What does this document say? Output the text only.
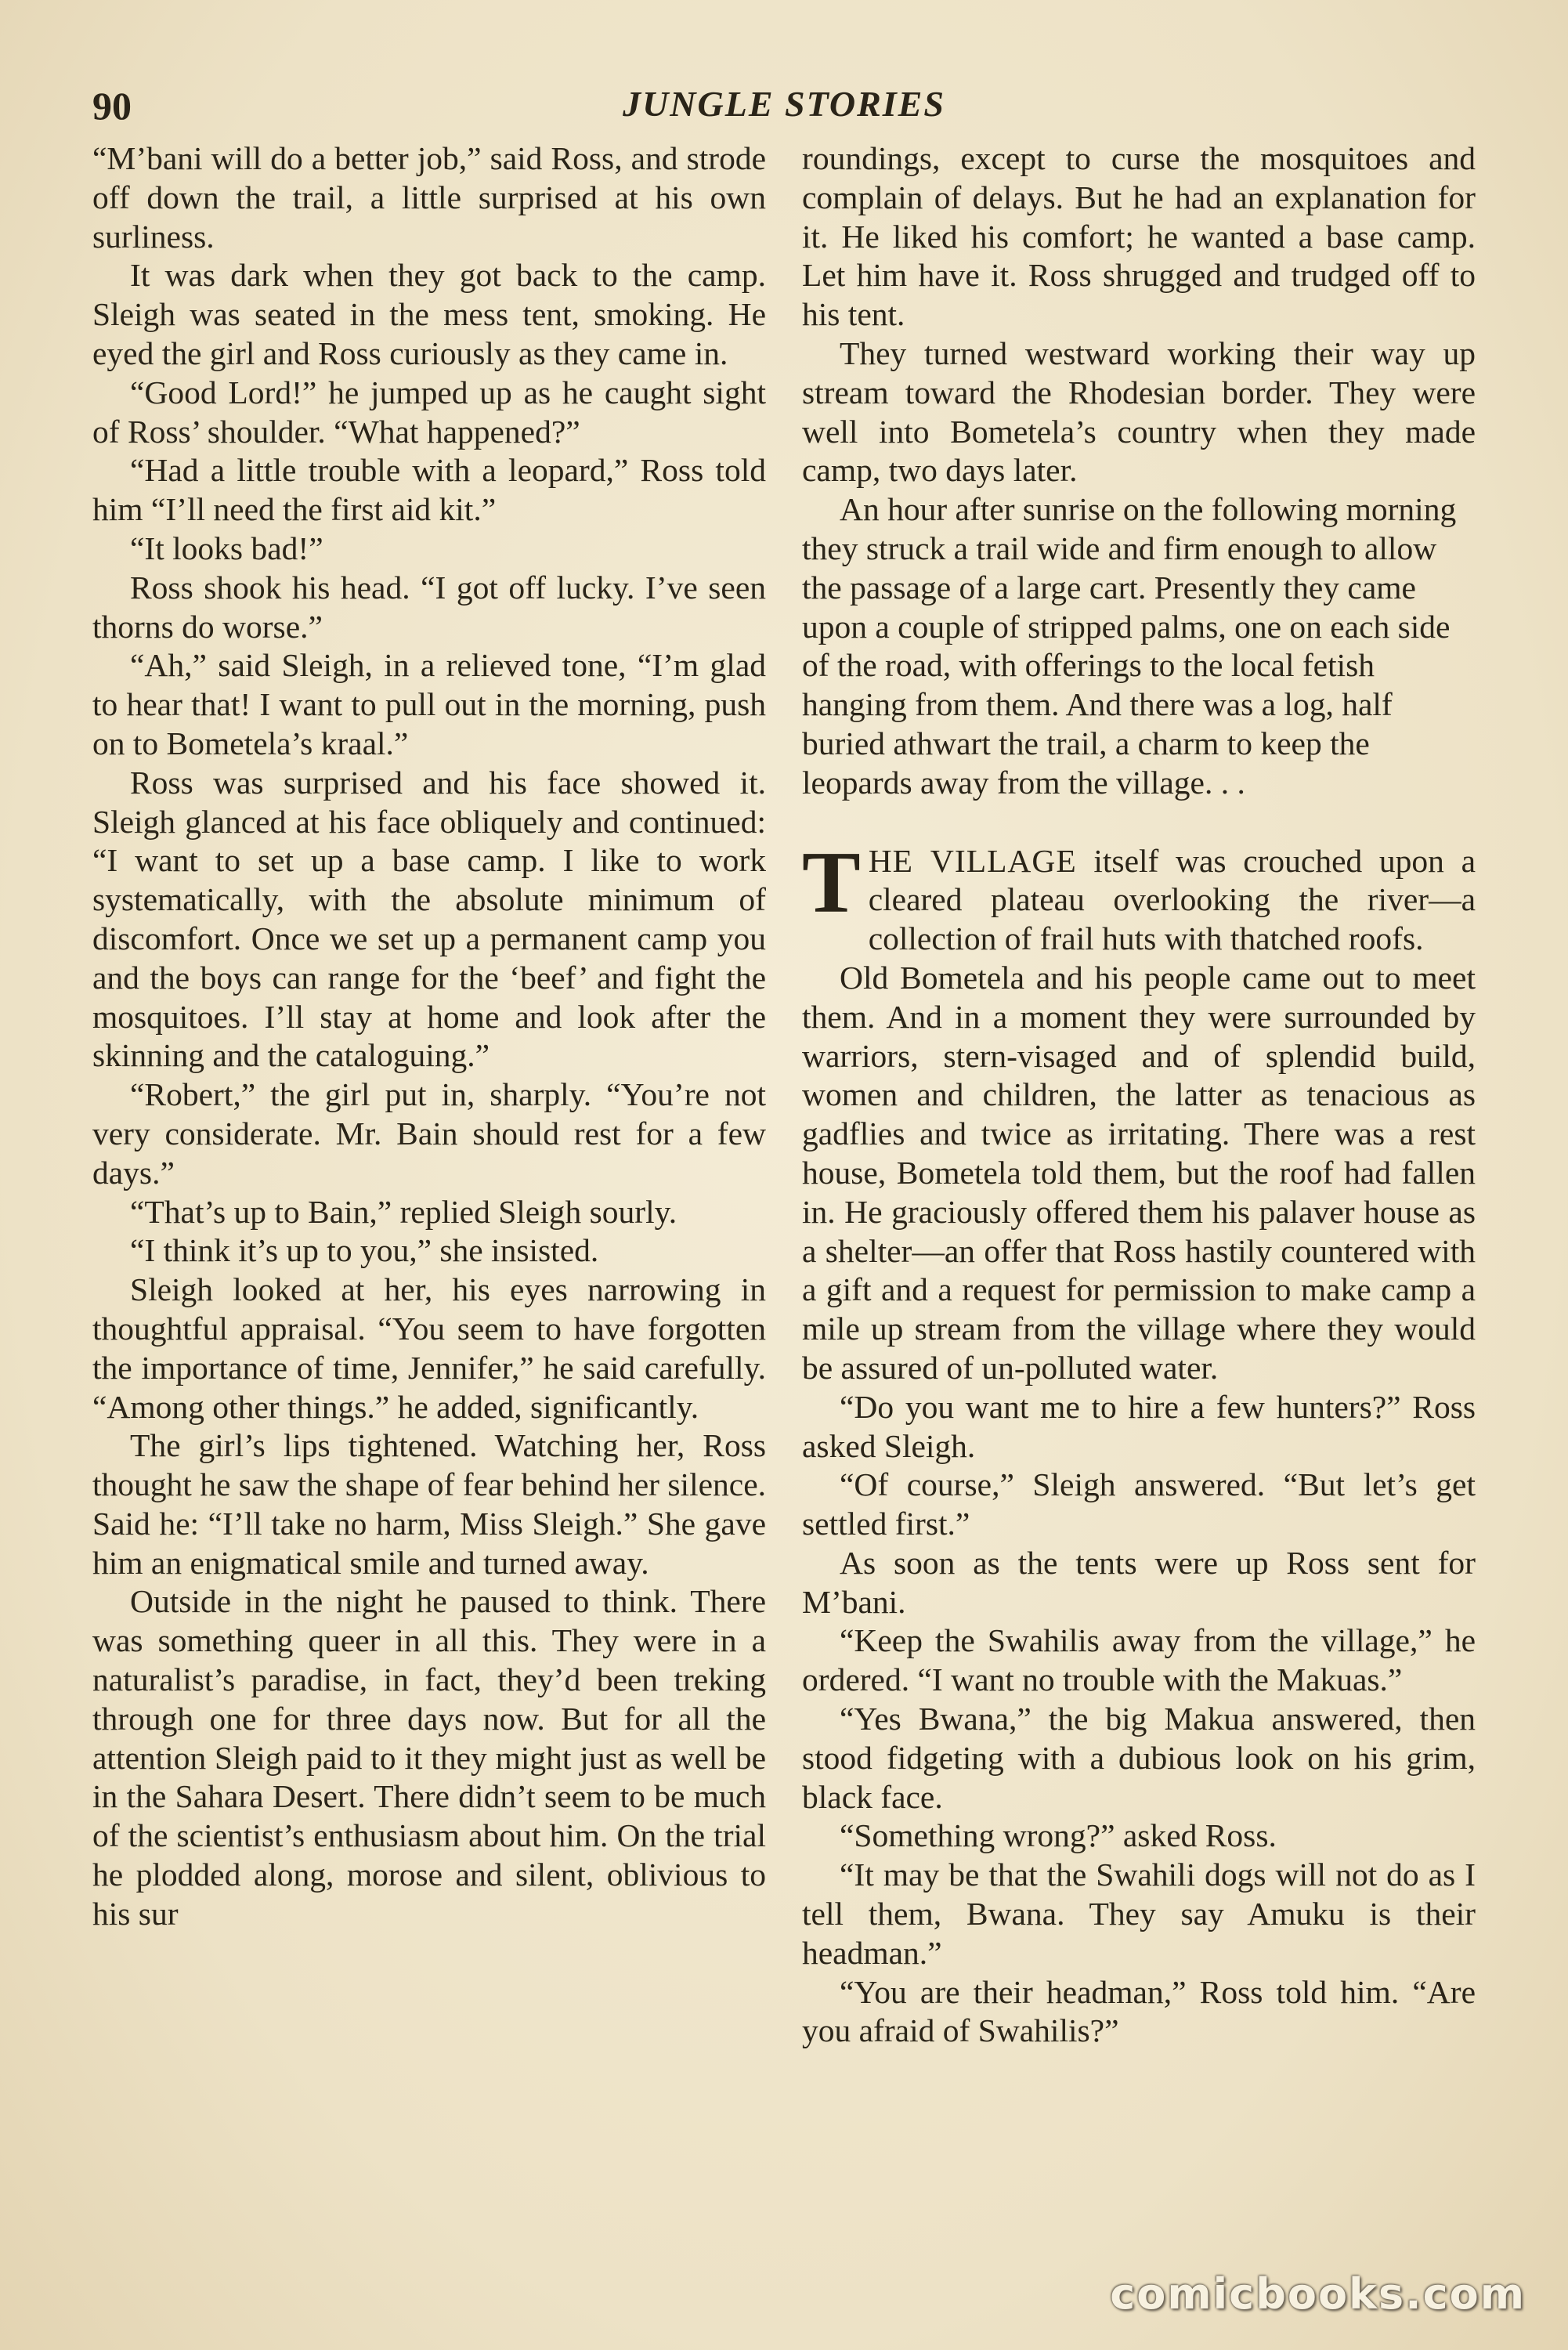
90	JUNGLE STORIES

“M’bani will do a better job,” said Ross, and strode off down the trail, a little surprised at his own surliness.

It was dark when they got back to the camp. Sleigh was seated in the mess tent, smoking. He eyed the girl and Ross curiously as they came in.

“Good Lord!” he jumped up as he caught sight of Ross’ shoulder. “What happened?”

“Had a little trouble with a leopard,” Ross told him “I’ll need the first aid kit.”

“It looks bad!”

Ross shook his head. “I got off lucky. I’ve seen thorns do worse.”

“Ah,” said Sleigh, in a relieved tone, “I’m glad to hear that! I want to pull out in the morning, push on to Bometela’s kraal.”

Ross was surprised and his face showed it. Sleigh glanced at his face obliquely and continued: “I want to set up a base camp. I like to work systematically, with the absolute minimum of discomfort. Once we set up a permanent camp you and the boys can range for the ‘beef’ and fight the mosquitoes. I’ll stay at home and look after the skinning and the cataloguing.”

“Robert,” the girl put in, sharply. “You’re not very considerate. Mr. Bain should rest for a few days.”

“That’s up to Bain,” replied Sleigh sourly.

“I think it’s up to you,” she insisted.

Sleigh looked at her, his eyes narrowing in thoughtful appraisal. “You seem to have forgotten the importance of time, Jennifer,” he said carefully. “Among other things.” he added, significantly.

The girl’s lips tightened. Watching her, Ross thought he saw the shape of fear behind her silence. Said he: “I’ll take no harm, Miss Sleigh.” She gave him an enigmatical smile and turned away.

Outside in the night he paused to think. There was something queer in all this. They were in a naturalist’s paradise, in fact, they’d been treking through one for three days now. But for all the attention Sleigh paid to it they might just as well be in the Sahara Desert. There didn’t seem to be much of the scientist’s enthusiasm about him. On the trial he plodded along, morose and silent, oblivious to his sur

roundings, except to curse the mosquitoes and complain of delays. But he had an explanation for it. He liked his comfort; he wanted a base camp. Let him have it. Ross shrugged and trudged off to his tent.

They turned westward working their way up stream toward the Rhodesian border. They were well into Bometela’s country when they made camp, two days later.

An hour after sunrise on the following morning they struck a trail wide and firm enough to allow the passage of a large cart. Presently they came upon a couple of stripped palms, one on each side of the road, with offerings to the local fetish hanging from them. And there was a log, half buried athwart the trail, a charm to keep the leopards away from the village. . .

THE VILLAGE itself was crouched upon a cleared plateau overlooking the river—a collection of frail huts with thatched roofs.

Old Bometela and his people came out to meet them. And in a moment they were surrounded by warriors, stern-visaged and of splendid build, women and children, the latter as tenacious as gadflies and twice as irritating. There was a rest house, Bometela told them, but the roof had fallen in. He graciously offered them his palaver house as a shelter—an offer that Ross hastily countered with a gift and a request for permission to make camp a mile up stream from the village where they would be assured of un-polluted water.

“Do you want me to hire a few hunters?” Ross asked Sleigh.

“Of course,” Sleigh answered. “But let’s get settled first.”

As soon as the tents were up Ross sent for M’bani.

“Keep the Swahilis away from the village,” he ordered. “I want no trouble with the Makuas.”

“Yes Bwana,” the big Makua answered, then stood fidgeting with a dubious look on his grim, black face.

“Something wrong?” asked Ross.

“It may be that the Swahili dogs will not do as I tell them, Bwana. They say Amuku is their headman.”

“You are their headman,” Ross told him. “Are you afraid of Swahilis?”

comicbooks.com
